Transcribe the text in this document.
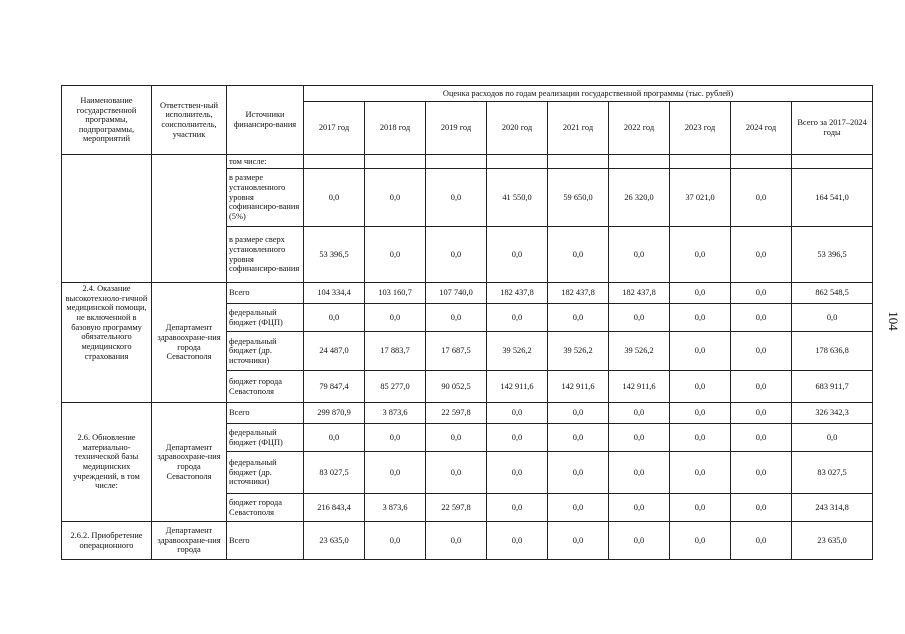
Наименование государственной программы, подпрограммы, мероприятий	Ответствен-ный исполнитель, соисполнитель, участник	Источники финансиро-вания	Оценка расходов по годам реализации государственной программы (тыс. рублей)								
			2017 год	2018 год	2019 год	2020 год	2021 год	2022 год	2023 год	2024 год	Всего за 2017–2024 годы
		том числе:									
		в размере установленного уровня софинансиро-вания (5%)	0,0	0,0	0,0	41 550,0	59 650,0	26 320,0	37 021,0	0,0	164 541,0
		в размере сверх установленного уровня софинансиро-вания	53 396,5	0,0	0,0	0,0	0,0	0,0	0,0	0,0	53 396,5
2.4. Оказание высокотехноло-гичной медицинской помощи, не включенной в базовую программу обязательного медицинского страхования	Департамент здравоохране-ния города Севастополя	Всего	104 334,4	103 160,7	107 740,0	182 437,8	182 437,8	182 437,8	0,0	0,0	862 548,5
		федеральный бюджет (ФЦП)	0,0	0,0	0,0	0,0	0,0	0,0	0,0	0,0	0,0
		федеральный бюджет (др. источники)	24 487,0	17 883,7	17 687,5	39 526,2	39 526,2	39 526,2	0,0	0,0	178 636,8
		бюджет города Севастополя	79 847,4	85 277,0	90 052,5	142 911,6	142 911,6	142 911,6	0,0	0,0	683 911,7
2.6. Обновление материально-технической базы медицинских учреждений, в том числе:	Департамент здравоохране-ния города Севастополя	Всего	299 870,9	3 873,6	22 597,8	0,0	0,0	0,0	0,0	0,0	326 342,3
		федеральный бюджет (ФЦП)	0,0	0,0	0,0	0,0	0,0	0,0	0,0	0,0	0,0
		федеральный бюджет (др. источники)	83 027,5	0,0	0,0	0,0	0,0	0,0	0,0	0,0	83 027,5
		бюджет города Севастополя	216 843,4	3 873,6	22 597,8	0,0	0,0	0,0	0,0	0,0	243 314,8
2.6.2. Приобретение операционного	Департамент здравоохране-ния города	Всего	23 635,0	0,0	0,0	0,0	0,0	0,0	0,0	0,0	23 635,0
104
